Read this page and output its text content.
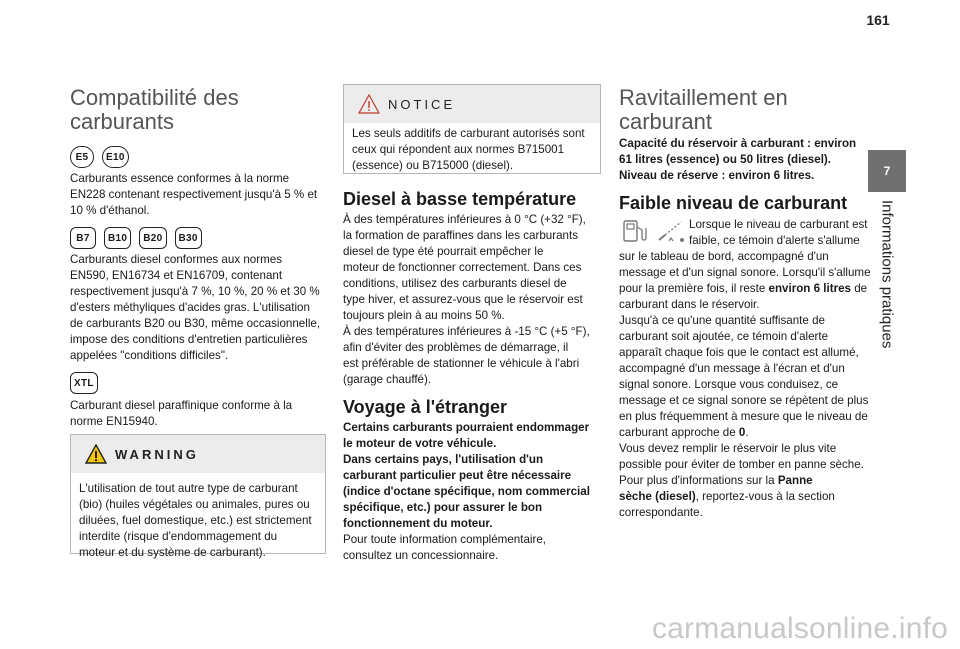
161
7
Informations pratiques
Compatibilité des
carburants
E5	E10

Carburants essence conformes à la norme

EN228 contenant respectivement jusqu'à 5 % et

10 % d'éthanol.

B7	B10	B20	B30

Carburants diesel conformes aux normes

EN590, EN16734 et EN16709, contenant

respectivement jusqu'à 7 %, 10 %, 20 % et 30 %

d'esters méthyliques d'acides gras. L'utilisation

de carburants B20 ou B30, même occasionnelle,

impose des conditions d'entretien particulières

appelées "conditions difficiles".

XTL

Carburant diesel paraffinique conforme à la

norme EN15940.

WARNING

L'utilisation de tout autre type de carburant

(bio) (huiles végétales ou animales, pures ou

diluées, fuel domestique, etc.) est strictement

interdite (risque d'endommagement du

moteur et du système de carburant).

NOTICE

Les seuls additifs de carburant autorisés sont

ceux qui répondent aux normes B715001

(essence) ou B715000 (diesel).

Diesel à basse température

À des températures inférieures à 0 °C (+32 °F),

la formation de paraffines dans les carburants

diesel de type été pourrait empêcher le

moteur de fonctionner correctement. Dans ces

conditions, utilisez des carburants diesel de

type hiver, et assurez-vous que le réservoir est

toujours plein à au moins 50 %.

À des températures inférieures à -15 °C (+5 °F),

afin d'éviter des problèmes de démarrage, il

est préférable de stationner le véhicule à l'abri

(garage chauffé).

Voyage à l'étranger

Certains carburants pourraient endommager

le moteur de votre véhicule.

Dans certains pays, l'utilisation d'un

carburant particulier peut être nécessaire

(indice d'octane spécifique, nom commercial

spécifique, etc.) pour assurer le bon

fonctionnement du moteur.

Pour toute information complémentaire,

consultez un concessionnaire.

Ravitaillement en
carburant

Capacité du réservoir à carburant : environ

61 litres (essence) ou 50 litres (diesel).

Niveau de réserve : environ 6 litres.

Faible niveau de carburant

Lorsque le niveau de carburant est

faible, ce témoin d'alerte s'allume

sur le tableau de bord, accompagné d'un

message et d'un signal sonore. Lorsqu'il s'allume

pour la première fois, il reste environ 6 litres de

carburant dans le réservoir.

Jusqu'à ce qu'une quantité suffisante de

carburant soit ajoutée, ce témoin d'alerte

apparaît chaque fois que le contact est allumé,

accompagné d'un message à l'écran et d'un

signal sonore. Lorsque vous conduisez, ce

message et ce signal sonore se répètent de plus

en plus fréquemment à mesure que le niveau de

carburant approche de 0.

Vous devez remplir le réservoir le plus vite

possible pour éviter de tomber en panne sèche.

Pour plus d'informations sur la Panne

sèche (diesel), reportez-vous à la section

correspondante.

carmanualsonline.info
